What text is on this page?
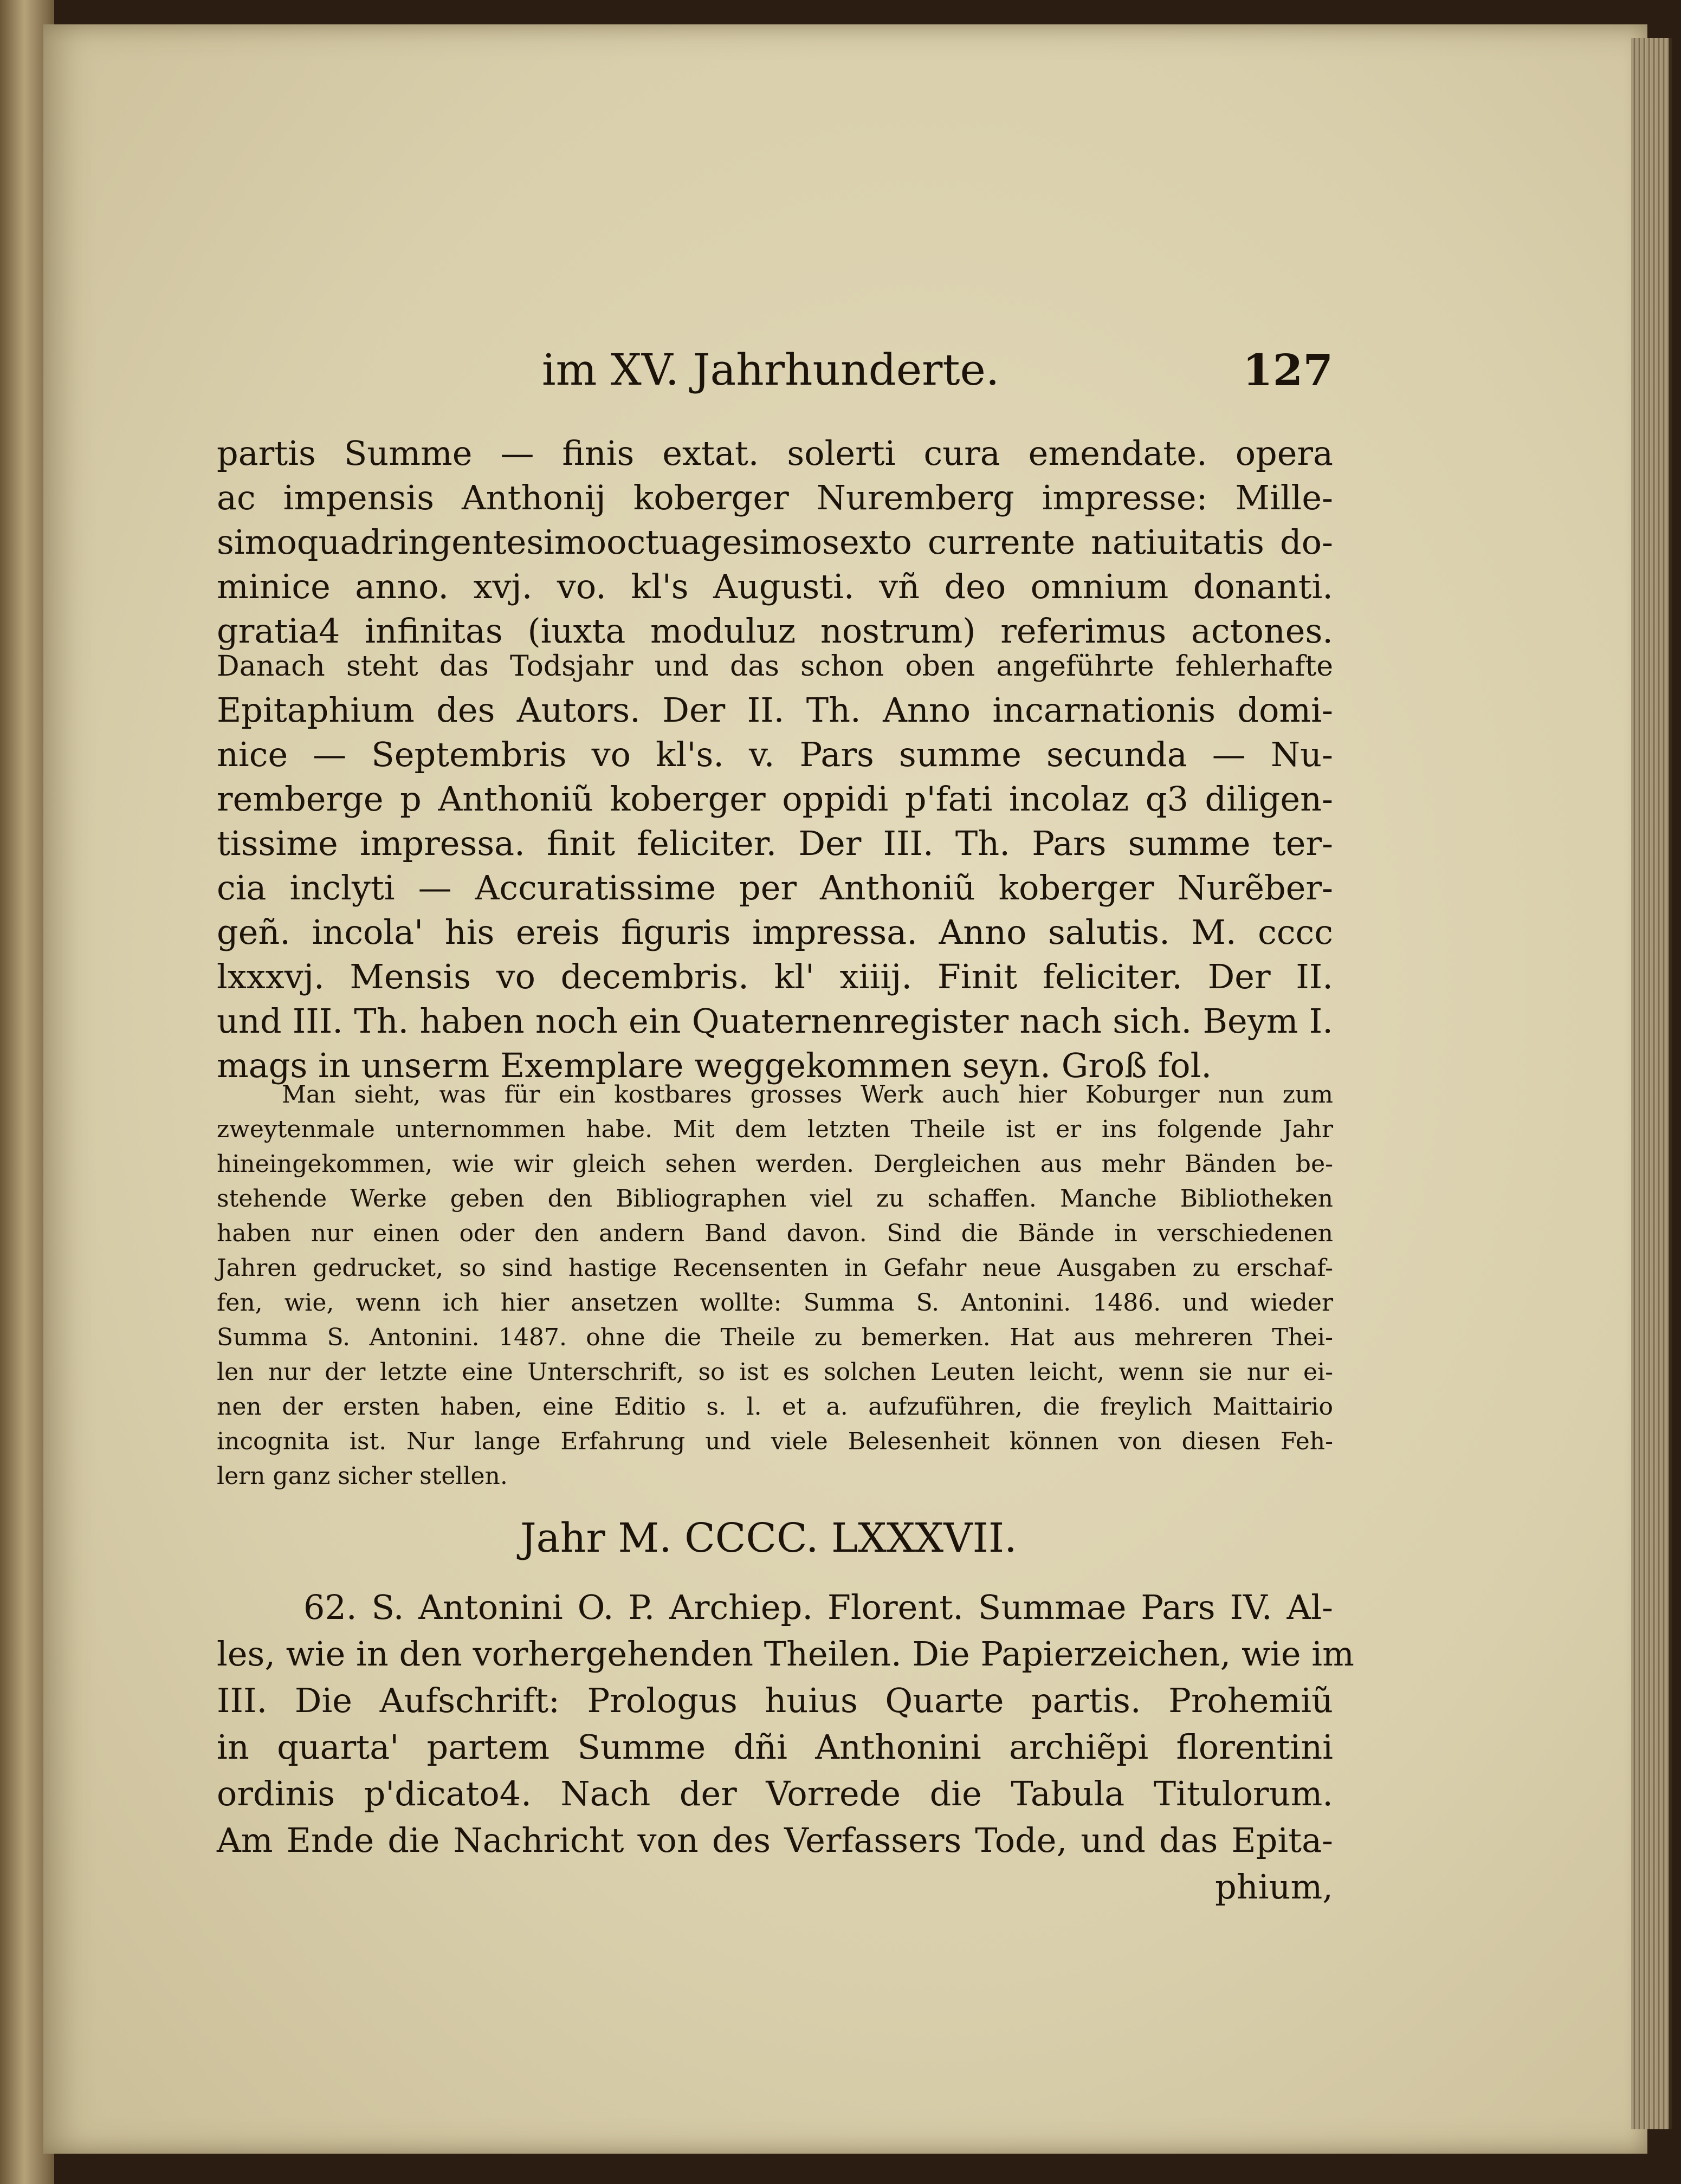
im XV. Jahrhunderte.	127
partis Summe — finis extat. solerti cura emendate. opera
ac impensis Anthonij koberger Nuremberg impresse: Mille-
simoquadringentesimooctuagesimosexto currente natiuitatis do-
minice anno. xvj. vo. kl's Augusti. vñ deo omnium donanti.
gratia4 infinitas (iuxta moduluz nostrum) referimus actones.
Danach steht das Todsjahr und das schon oben angeführte fehlerhafte
Epitaphium des Autors. Der II. Th. Anno incarnationis domi-
nice — Septembris vo kl's. v. Pars summe secunda — Nu-
remberge p Anthoniũ koberger oppidi p'fati incolaz q3 diligen-
tissime impressa. finit feliciter. Der III. Th. Pars summe ter-
cia inclyti — Accuratissime per Anthoniũ koberger Nurẽber-
geñ. incola' his ereis figuris impressa. Anno salutis. M. cccc
lxxxvj. Mensis vo decembris. kl' xiiij. Finit feliciter. Der II.
und III. Th. haben noch ein Quaternenregister nach sich. Beym I.
mags in unserm Exemplare weggekommen seyn. Groß fol.
Man sieht, was für ein kostbares grosses Werk auch hier Koburger nun zum
zweytenmale unternommen habe. Mit dem letzten Theile ist er ins folgende Jahr
hineingekommen, wie wir gleich sehen werden. Dergleichen aus mehr Bänden be-
stehende Werke geben den Bibliographen viel zu schaffen. Manche Bibliotheken
haben nur einen oder den andern Band davon. Sind die Bände in verschiedenen
Jahren gedrucket, so sind hastige Recensenten in Gefahr neue Ausgaben zu erschaf-
fen, wie, wenn ich hier ansetzen wollte: Summa S. Antonini. 1486. und wieder
Summa S. Antonini. 1487. ohne die Theile zu bemerken. Hat aus mehreren Thei-
len nur der letzte eine Unterschrift, so ist es solchen Leuten leicht, wenn sie nur ei-
nen der ersten haben, eine Editio s. l. et a. aufzuführen, die freylich Maittairio
incognita ist. Nur lange Erfahrung und viele Belesenheit können von diesen Feh-
lern ganz sicher stellen.
Jahr M. CCCC. LXXXVII.
62. S. Antonini O. P. Archiep. Florent. Summae Pars IV. Al-
les, wie in den vorhergehenden Theilen. Die Papierzeichen, wie im
III. Die Aufschrift: Prologus huius Quarte partis. Prohemiũ
in quarta' partem Summe dñi Anthonini archiẽpi florentini
ordinis p'dicato4. Nach der Vorrede die Tabula Titulorum.
Am Ende die Nachricht von des Verfassers Tode, und das Epita-
phium,
